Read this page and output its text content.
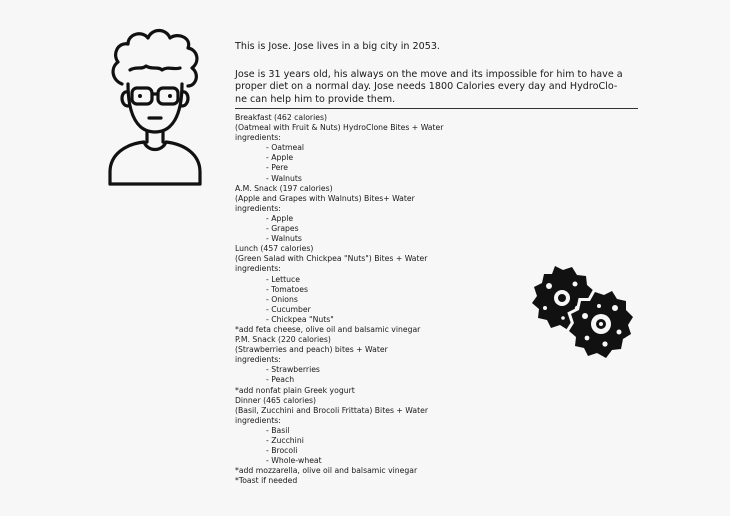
This is Jose. Jose lives in a big city in 2053.

Jose is 31 years old, his always on the move and its impossible for him to have a

proper diet on a normal day. Jose needs 1800 Calories every day and HydroClo-

ne can help him to provide them.

Breakfast (462 calories)
(Oatmeal with Fruit & Nuts) HydroClone Bites + Water
ingredients:
- Oatmeal
- Apple
- Pere
- Walnuts
A.M. Snack (197 calories)
(Apple and Grapes with Walnuts) Bites+ Water
ingredients:
- Apple
- Grapes
- Walnuts
Lunch (457 calories)
(Green Salad with Chickpea "Nuts") Bites + Water
ingredients:
- Lettuce
- Tomatoes
- Onions
- Cucumber
- Chickpea "Nuts"
*add feta cheese, olive oil and balsamic vinegar
P.M. Snack (220 calories)
(Strawberries and peach) bites + Water
ingredients:
- Strawberries
- Peach
*add nonfat plain Greek yogurt
Dinner (465 calories)
(Basil, Zucchini and Brocoli Frittata) Bites + Water
ingredients:
- Basil
- Zucchini
- Brocoli
- Whole-wheat
*add mozzarella, olive oil and balsamic vinegar
*Toast if needed
